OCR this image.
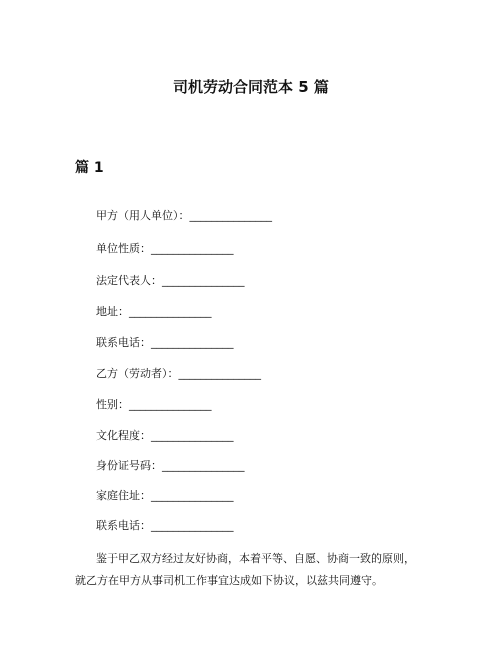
司机劳动合同范本 5 篇
篇 1
甲方（用人单位）：_______________
单位性质：_______________
法定代表人：_______________
地址：_______________
联系电话：_______________
乙方（劳动者）：_______________
性别：_______________
文化程度：_______________
身份证号码：_______________
家庭住址：_______________
联系电话：_______________
鉴于甲乙双方经过友好协商，本着平等、自愿、协商一致的原则，
就乙方在甲方从事司机工作事宜达成如下协议，以兹共同遵守。
